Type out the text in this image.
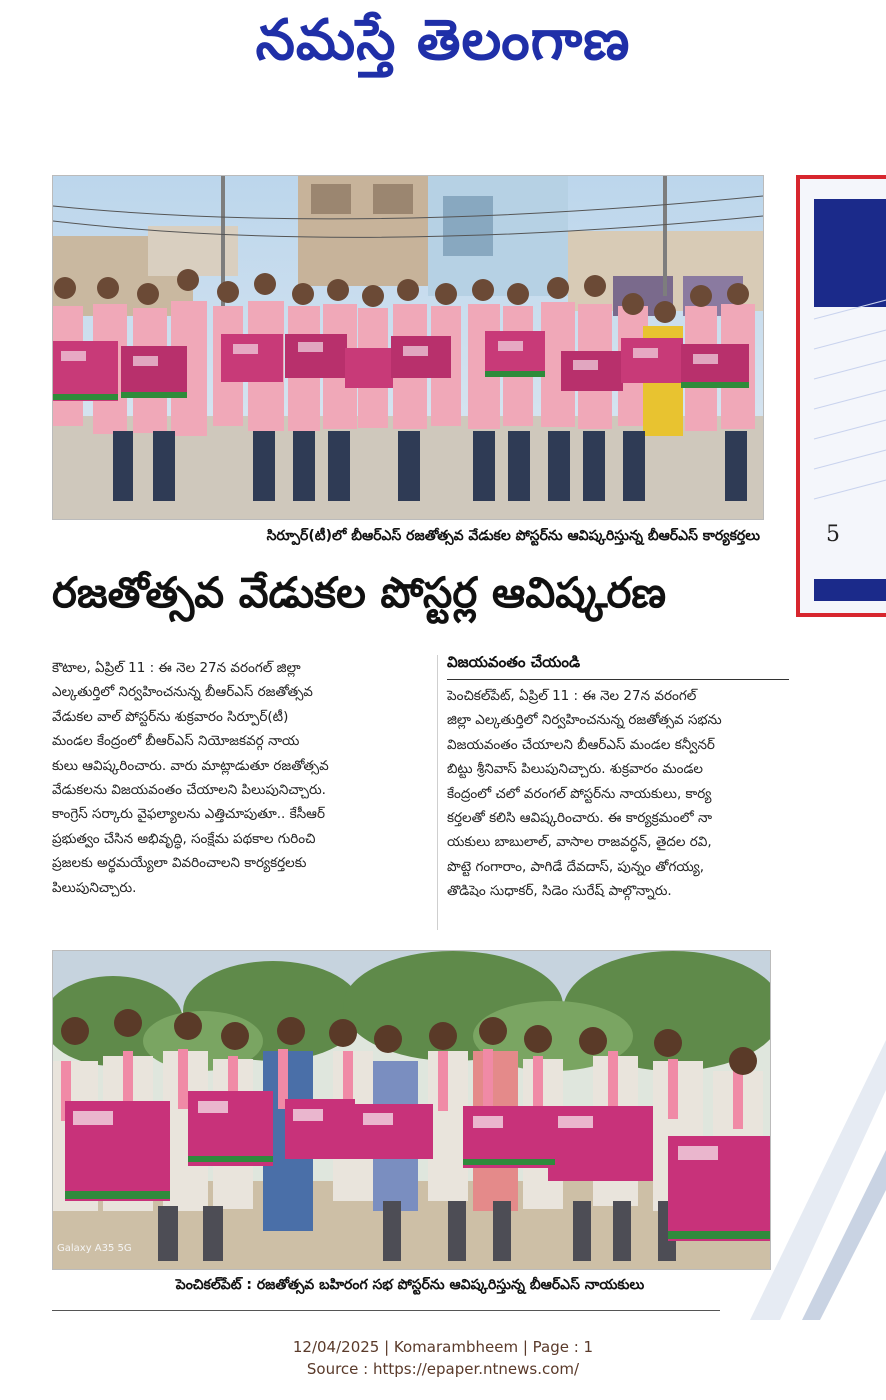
నమస్తే తెలంగాణ
సిర్పూర్(టీ)లో బీఆర్ఎస్ రజతోత్సవ వేడుకల పోస్టర్‌ను ఆవిష్కరిస్తున్న బీఆర్ఎస్ కార్యకర్తలు
రజతోత్సవ వేడుకల పోస్టర్ల ఆవిష్కరణ
కౌటాల, ఏప్రిల్ 11 : ఈ నెల 27న వరంగల్ జిల్లా
ఎల్కతుర్తిలో నిర్వహించనున్న బీఆర్ఎస్ రజతోత్సవ
వేడుకల వాల్ పోస్టర్‌ను శుక్రవారం సిర్పూర్(టీ)
మండల కేంద్రంలో బీఆర్ఎస్ నియోజకవర్గ నాయ
కులు ఆవిష్కరించారు. వారు మాట్లాడుతూ రజతోత్సవ
వేడుకలను విజయవంతం చేయాలని పిలుపునిచ్చారు.
కాంగ్రెస్ సర్కారు వైఫల్యాలను ఎత్తిచూపుతూ.. కేసీఆర్
ప్రభుత్వం చేసిన అభివృద్ధి, సంక్షేమ పథకాల గురించి
ప్రజలకు అర్థమయ్యేలా వివరించాలని కార్యకర్తలకు
పిలుపునిచ్చారు.
విజయవంతం చేయండి
పెంచికల్‌పేట్, ఏప్రిల్ 11 : ఈ నెల 27న వరంగల్
జిల్లా ఎల్కతుర్తిలో నిర్వహించనున్న రజతోత్సవ సభను
విజయవంతం చేయాలని బీఆర్ఎస్ మండల కన్వీనర్
బిట్టు శ్రీనివాస్ పిలుపునిచ్చారు. శుక్రవారం మండల
కేంద్రంలో చలో వరంగల్ పోస్టర్‌ను నాయకులు, కార్య
కర్తలతో కలిసి ఆవిష్కరించారు. ఈ కార్యక్రమంలో నా
యకులు బాబులాల్, వాసాల రాజవర్ధన్, తైదల రవి,
పొట్టె గంగారాం, పాగిడే దేవదాస్, పున్నం తోగయ్య,
తొడిషెం సుధాకర్, సిడెం సురేష్ పాల్గొన్నారు.
5
Galaxy A35 5G
పెంచికల్‌పేట్ : రజతోత్సవ బహిరంగ సభ పోస్టర్‌ను ఆవిష్కరిస్తున్న బీఆర్ఎస్ నాయకులు
12/04/2025 | Komarambheem | Page : 1
Source : https://epaper.ntnews.com/
